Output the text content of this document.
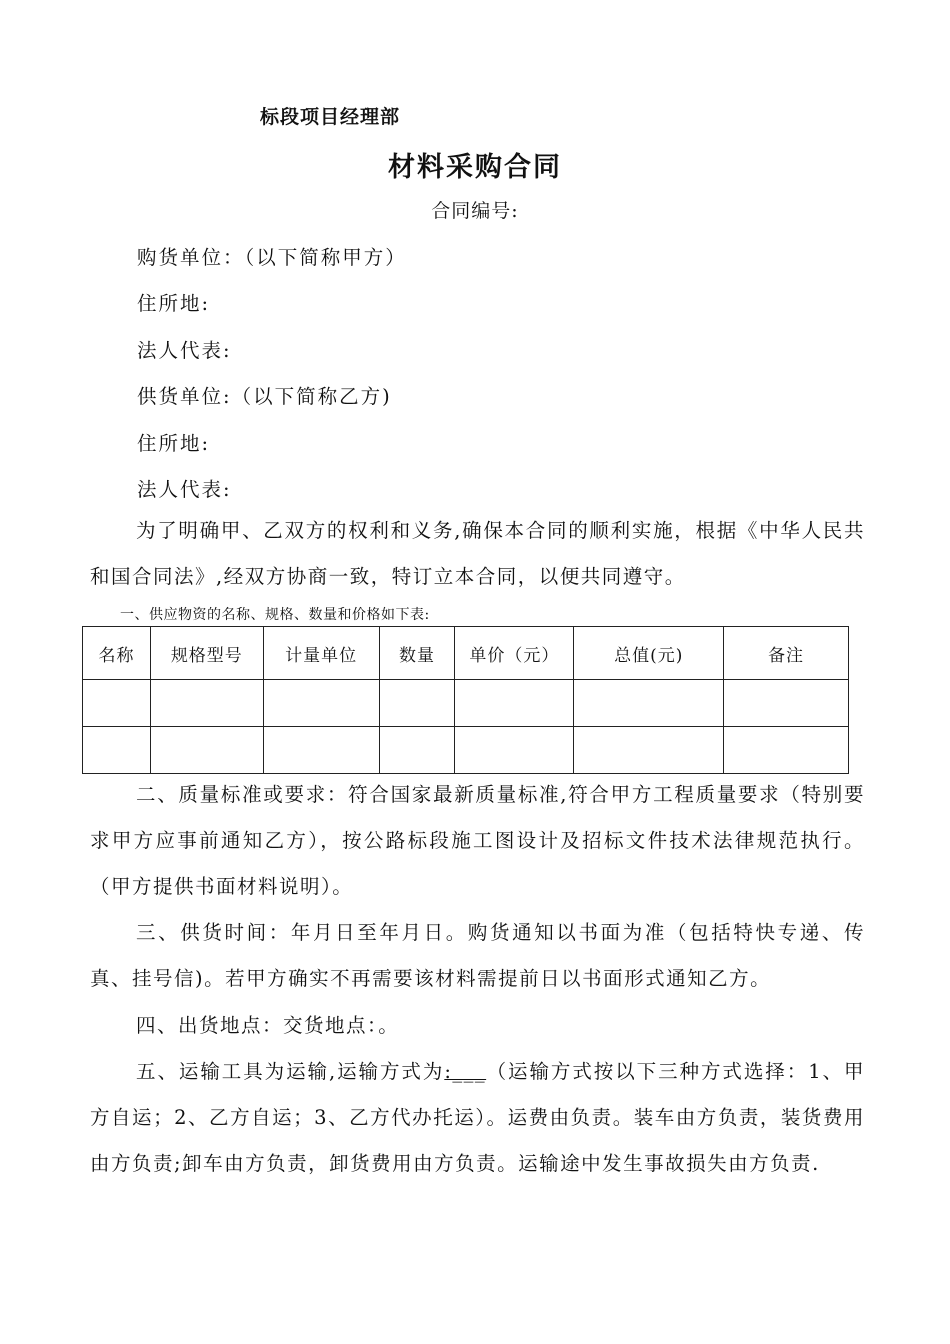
标段项目经理部
材料采购合同
合同编号:
购货单位：（以下简称甲方）
住所地:
法人代表:
供货单位:（以下简称乙方)
住所地:
法人代表:
为了明确甲、乙双方的权利和义务,确保本合同的顺利实施，根据《中华人民共和国合同法》,经双方协商一致，特订立本合同，以便共同遵守。
一、供应物资的名称、规格、数量和价格如下表:
名称	规格型号	计量单位	数量	单价（元）	总值(元)	备注

二、质量标准或要求：符合国家最新质量标准,符合甲方工程质量要求（特别要求甲方应事前通知乙方），按公路标段施工图设计及招标文件技术法律规范执行。（甲方提供书面材料说明）。
三、供货时间：年月日至年月日。购货通知以书面为准（包括特快专递、传真、挂号信)。若甲方确实不再需要该材料需提前日以书面形式通知乙方。
四、出货地点：交货地点：。
五、运输工具为运输,运输方式为:___（运输方式按以下三种方式选择：1、甲方自运；2、乙方自运；3、乙方代办托运）。运费由负责。装车由方负责，装货费用由方负责;卸车由方负责，卸货费用由方负责。运输途中发生事故损失由方负责.
